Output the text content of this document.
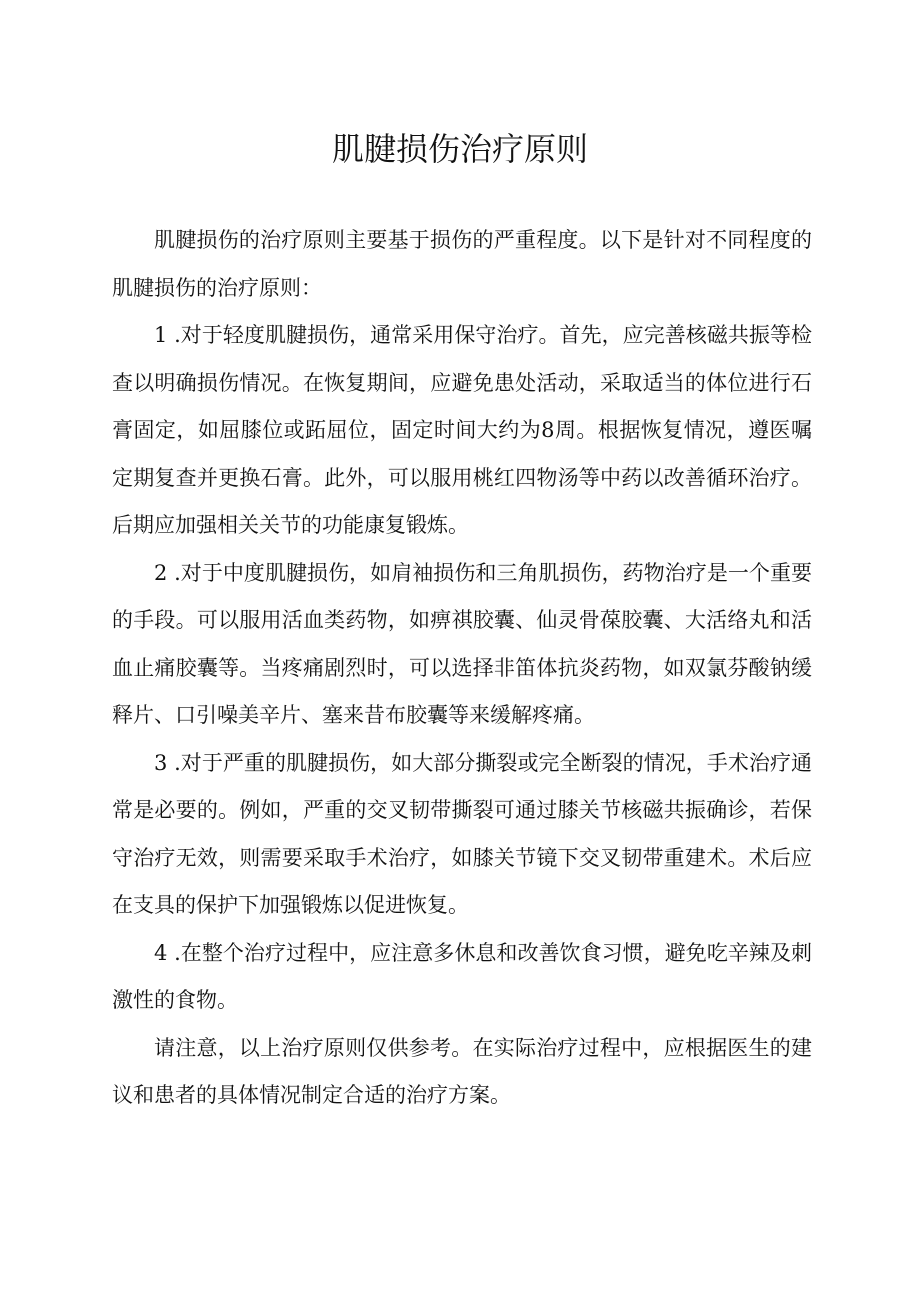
肌腱损伤治疗原则

肌腱损伤的治疗原则主要基于损伤的严重程度。以下是针对不同程度的肌腱损伤的治疗原则：

1 .对于轻度肌腱损伤，通常采用保守治疗。首先，应完善核磁共振等检查以明确损伤情况。在恢复期间，应避免患处活动，采取适当的体位进行石膏固定，如屈膝位或跖屈位，固定时间大约为8周。根据恢复情况，遵医嘱定期复查并更换石膏。此外，可以服用桃红四物汤等中药以改善循环治疗。后期应加强相关关节的功能康复锻炼。

2 .对于中度肌腱损伤，如肩袖损伤和三角肌损伤，药物治疗是一个重要的手段。可以服用活血类药物，如痹祺胶囊、仙灵骨葆胶囊、大活络丸和活血止痛胶囊等。当疼痛剧烈时，可以选择非笛体抗炎药物，如双氯芬酸钠缓释片、口引噪美辛片、塞来昔布胶囊等来缓解疼痛。

3 .对于严重的肌腱损伤，如大部分撕裂或完全断裂的情况，手术治疗通常是必要的。例如，严重的交叉韧带撕裂可通过膝关节核磁共振确诊，若保守治疗无效，则需要采取手术治疗，如膝关节镜下交叉韧带重建术。术后应在支具的保护下加强锻炼以促进恢复。

4 .在整个治疗过程中，应注意多休息和改善饮食习惯，避免吃辛辣及刺激性的食物。

请注意，以上治疗原则仅供参考。在实际治疗过程中，应根据医生的建议和患者的具体情况制定合适的治疗方案。
